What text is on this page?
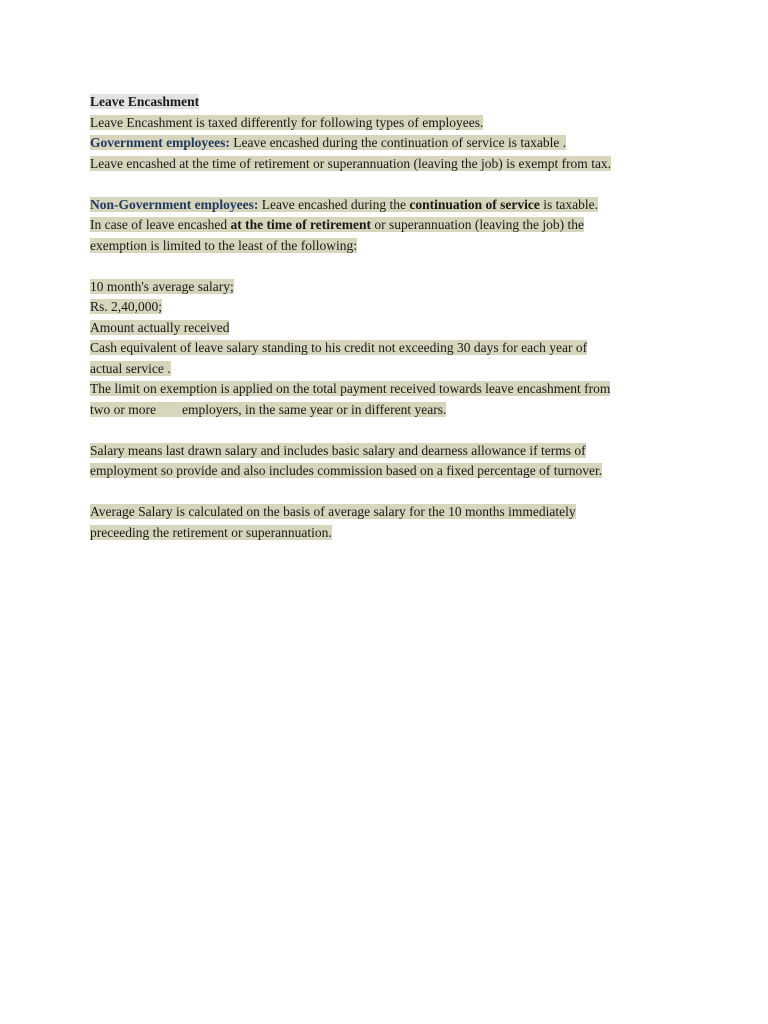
Leave Encashment
Leave Encashment is taxed differently for following types of employees.
Government employees: Leave encashed during the continuation of service is taxable .
Leave encashed at the time of retirement or superannuation (leaving the job) is exempt from tax.
Non-Government employees: Leave encashed during the continuation of service is taxable.
In case of leave encashed at the time of retirement or superannuation (leaving the job) the
exemption is limited to the least of the following:
10 month's average salary;
Rs. 2,40,000;
Amount actually received
Cash equivalent of leave salary standing to his credit not exceeding 30 days for each year of
actual service .
The limit on exemption is applied on the total payment received towards leave encashment from
two or more employers, in the same year or in different years.
Salary means last drawn salary and includes basic salary and dearness allowance if terms of
employment so provide and also includes commission based on a fixed percentage of turnover.
Average Salary is calculated on the basis of average salary for the 10 months immediately
preceeding the retirement or superannuation.
